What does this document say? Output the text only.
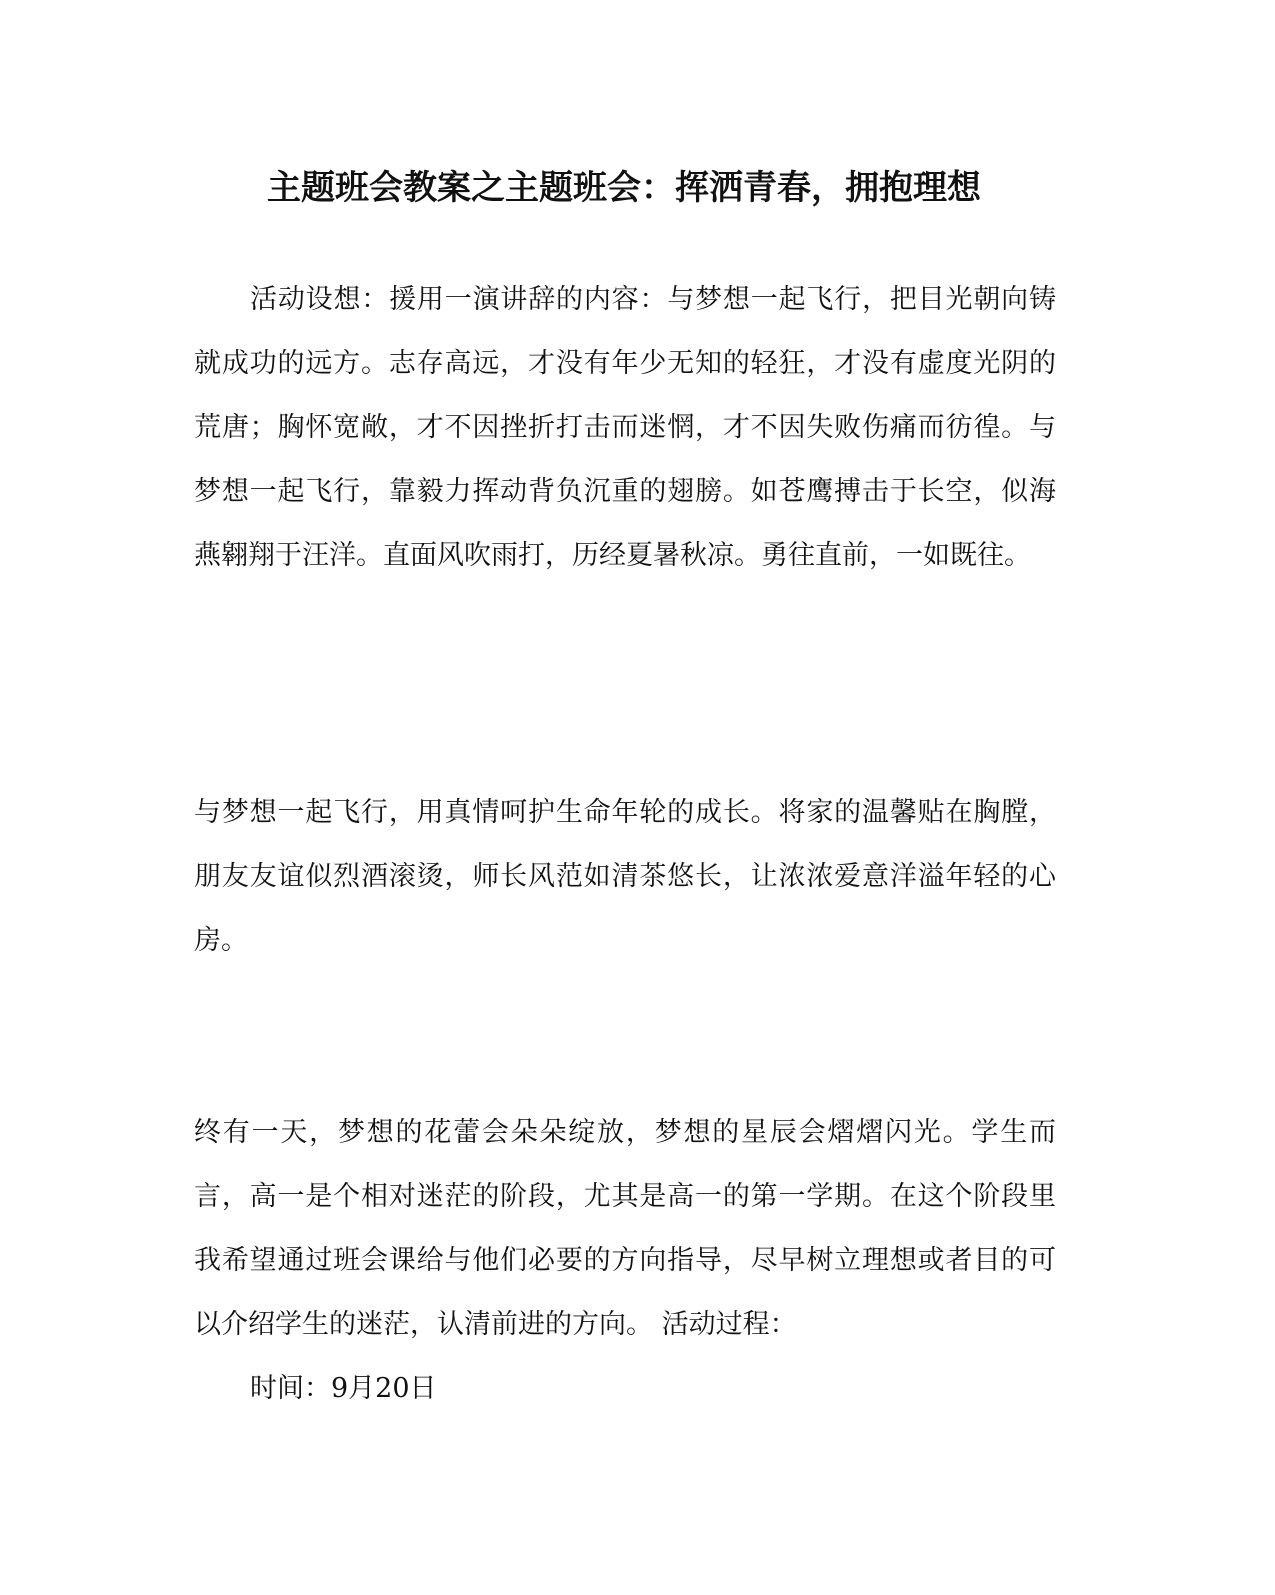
主题班会教案之主题班会：挥洒青春，拥抱理想

活动设想：援用一演讲辞的内容：与梦想一起飞行，把目光朝向铸就成功的远方。志存高远，才没有年少无知的轻狂，才没有虚度光阴的荒唐；胸怀宽敞，才不因挫折打击而迷惘，才不因失败伤痛而彷徨。与梦想一起飞行，靠毅力挥动背负沉重的翅膀。如苍鹰搏击于长空，似海燕翱翔于汪洋。直面风吹雨打，历经夏暑秋凉。勇往直前，一如既往。

与梦想一起飞行，用真情呵护生命年轮的成长。将家的温馨贴在胸膛，朋友友谊似烈酒滚烫，师长风范如清茶悠长，让浓浓爱意洋溢年轻的心房。

终有一天，梦想的花蕾会朵朵绽放，梦想的星辰会熠熠闪光。学生而言，高一是个相对迷茫的阶段，尤其是高一的第一学期。在这个阶段里我希望通过班会课给与他们必要的方向指导，尽早树立理想或者目的可以介绍学生的迷茫，认清前进的方向。 活动过程：

时间：9月20日
